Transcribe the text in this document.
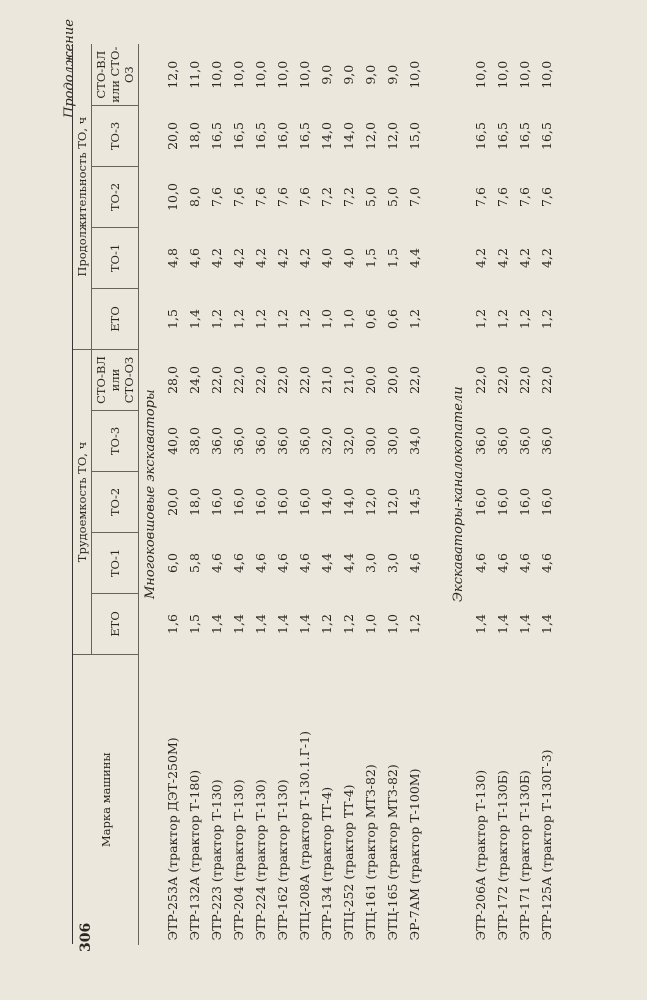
306
Продолжение
Марка машины	Трудоемкость ТО, ч					Продолжительность ТО, ч				
	ЕТО	ТО-1	ТО-2	ТО-3	СТО-ВЛ или СТО-ОЗ	ЕТО	ТО-1	ТО-2	ТО-3	СТО-ВЛ или СТО-ОЗ
Многоковшовые экскаваторы										
ЭТР-253А (трактор ДЭТ-250М)	1,6	6,0	20,0	40,0	28,0	1,5	4,8	10,0	20,0	12,0
ЭТР-132А (трактор Т-180)	1,5	5,8	18,0	38,0	24,0	1,4	4,6	8,0	18,0	11,0
ЭТР-223 (трактор Т-130)	1,4	4,6	16,0	36,0	22,0	1,2	4,2	7,6	16,5	10,0
ЭТР-204 (трактор Т-130)	1,4	4,6	16,0	36,0	22,0	1,2	4,2	7,6	16,5	10,0
ЭТР-224 (трактор Т-130)	1,4	4,6	16,0	36,0	22,0	1,2	4,2	7,6	16,5	10,0
ЭТР-162 (трактор Т-130)	1,4	4,6	16,0	36,0	22,0	1,2	4,2	7,6	16,0	10,0
ЭТЦ-208А (трактор Т-130.1.Г-1)	1,4	4,6	16,0	36,0	22,0	1,2	4,2	7,6	16,5	10,0
ЭТР-134 (трактор ТТ-4)	1,2	4,4	14,0	32,0	21,0	1,0	4,0	7,2	14,0	9,0
ЭТЦ-252 (трактор ТТ-4)	1,2	4,4	14,0	32,0	21,0	1,0	4,0	7,2	14,0	9,0
ЭТЦ-161 (трактор МТЗ-82)	1,0	3,0	12,0	30,0	20,0	0,6	1,5	5,0	12,0	9,0
ЭТЦ-165 (трактор МТЗ-82)	1,0	3,0	12,0	30,0	20,0	0,6	1,5	5,0	12,0	9,0
ЭР-7АМ (трактор Т-100М)	1,2	4,6	14,5	34,0	22,0	1,2	4,4	7,0	15,0	10,0

Экскаваторы-каналокопатели										
ЭТР-206А (трактор Т-130)	1,4	4,6	16,0	36,0	22,0	1,2	4,2	7,6	16,5	10,0
ЭТР-172 (трактор Т-130Б)	1,4	4,6	16,0	36,0	22,0	1,2	4,2	7,6	16,5	10,0
ЭТР-171 (трактор Т-130Б)	1,4	4,6	16,0	36,0	22,0	1,2	4,2	7,6	16,5	10,0
ЭТР-125А (трактор Т-130Г-3)	1,4	4,6	16,0	36,0	22,0	1,2	4,2	7,6	16,5	10,0
